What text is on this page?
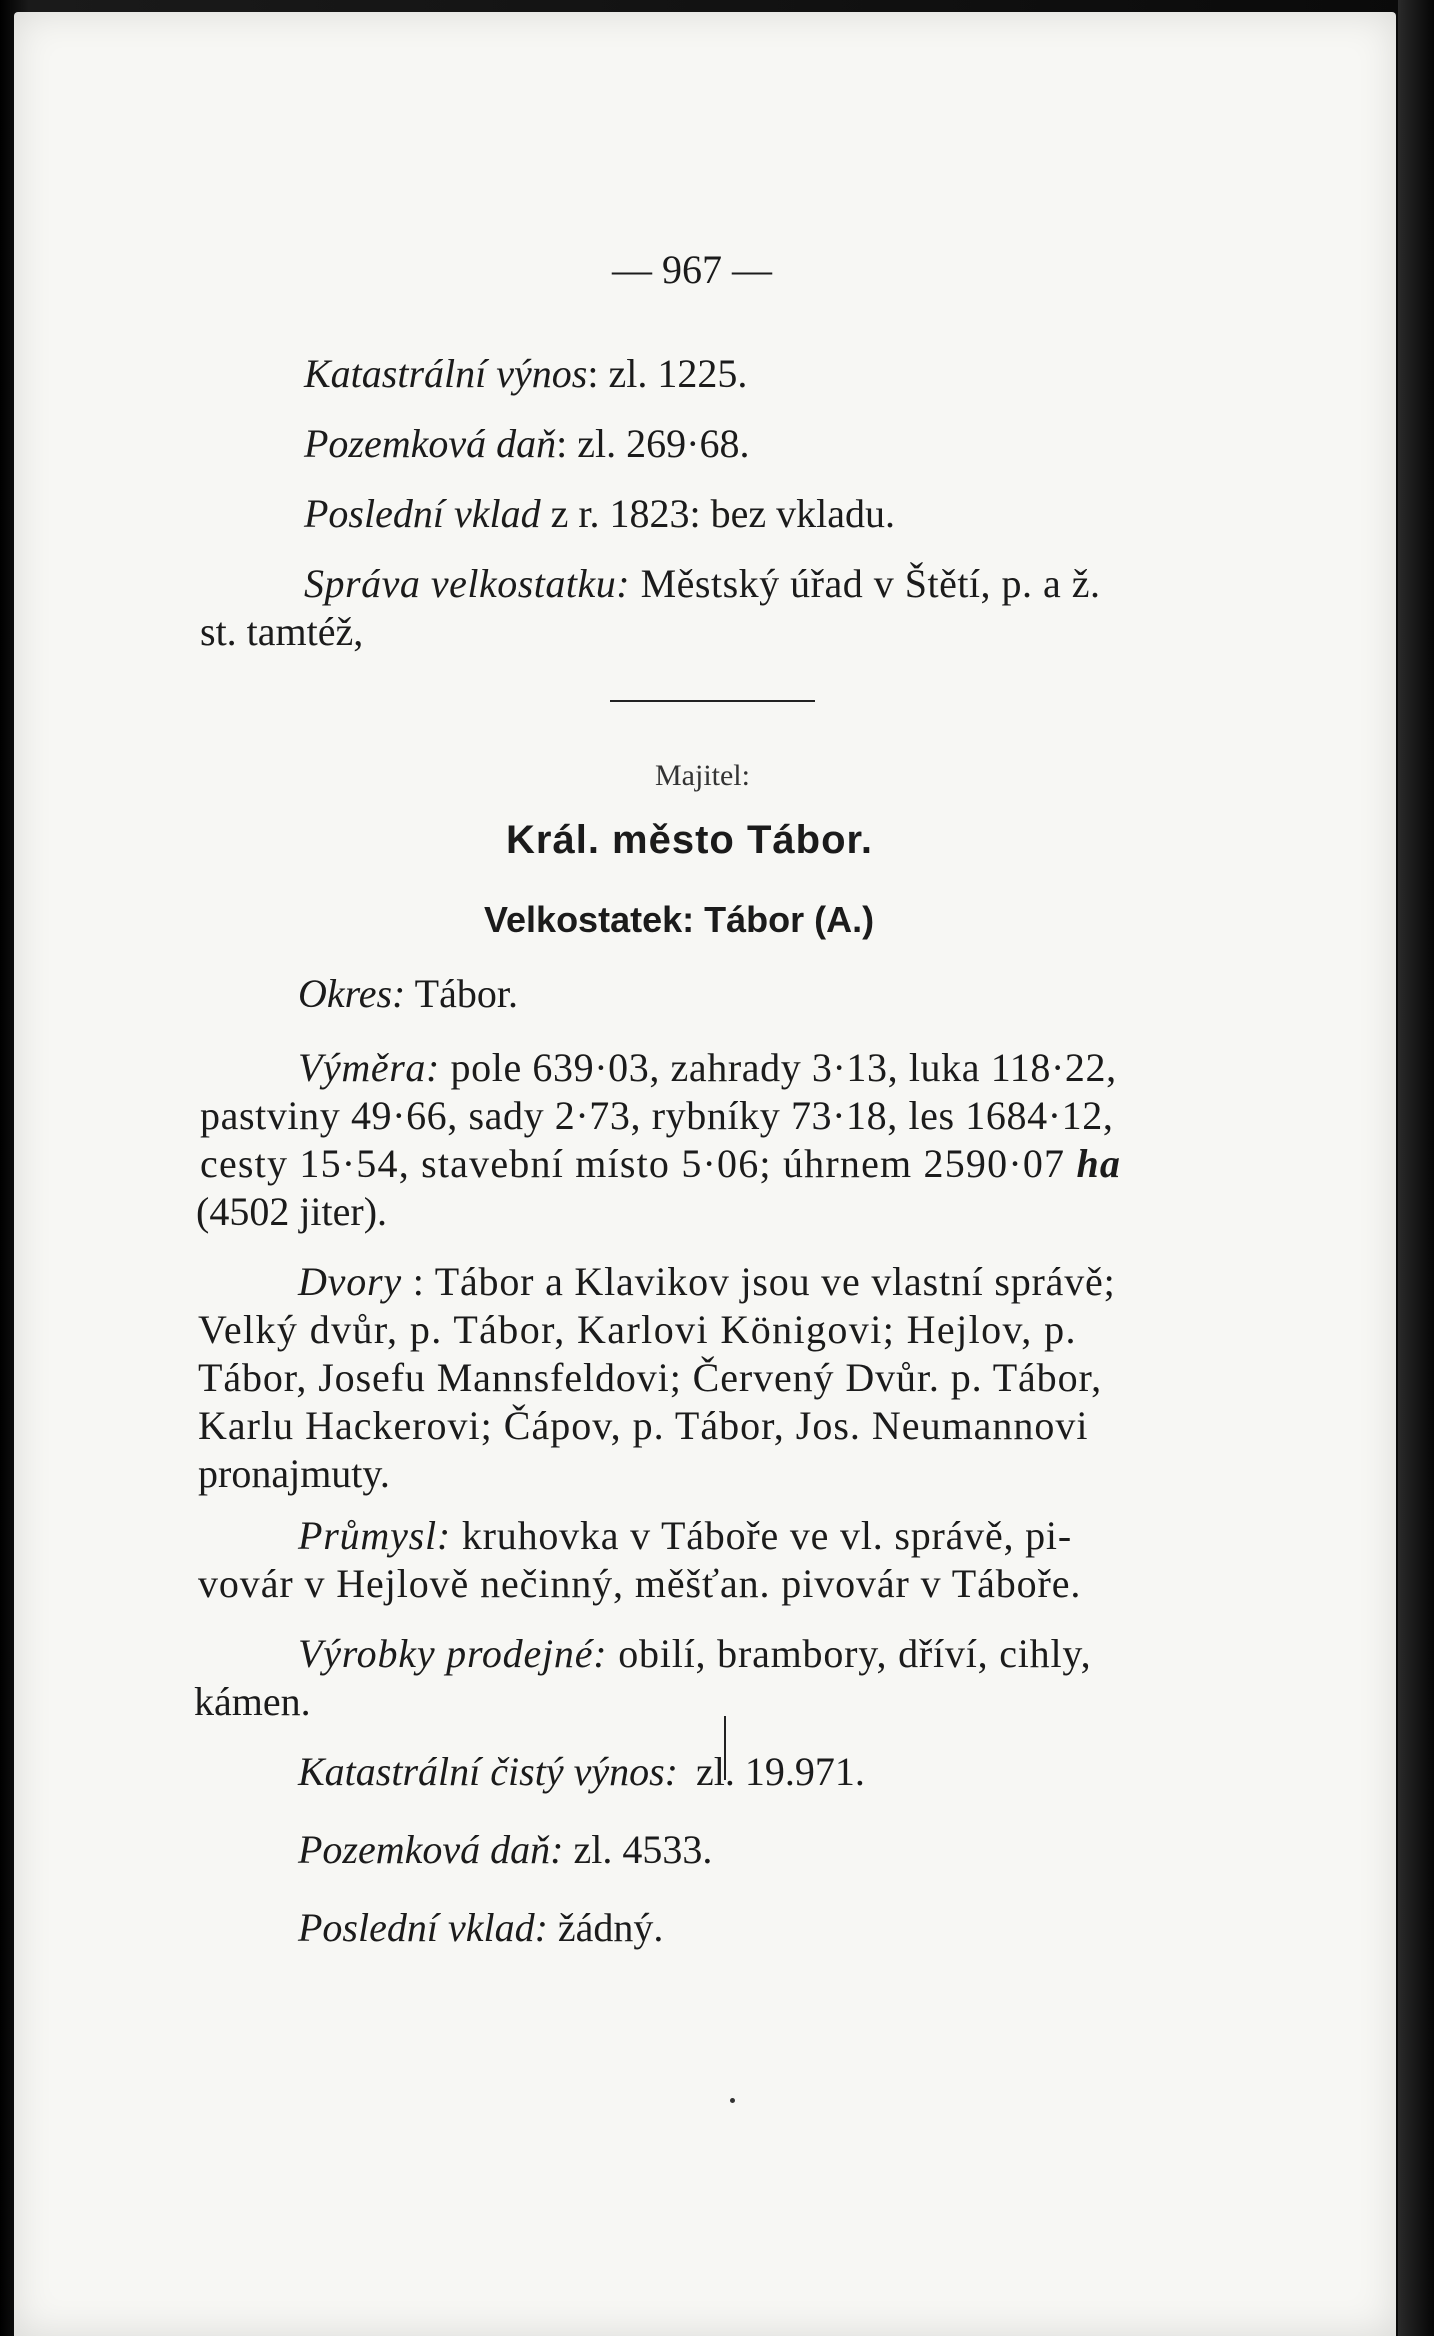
— 967 —
Katastrální výnos: zl. 1225.
Pozemková daň: zl. 269·68.
Poslední vklad z r. 1823: bez vkladu.
Správa velkostatku: Městský úřad v Štětí, p. a ž.
st. tamtéž,
Majitel:
Král. město Tábor.
Velkostatek: Tábor (A.)
Okres: Tábor.
Výměra: pole 639·03, zahrady 3·13, luka 118·22,
pastviny 49·66, sady 2·73, rybníky 73·18, les 1684·12,
cesty 15·54, stavební místo 5·06; úhrnem 2590·07 ha
(4502 jiter).
Dvory : Tábor a Klavikov jsou ve vlastní správě;
Velký dvůr, p. Tábor, Karlovi Königovi; Hejlov, p.
Tábor, Josefu Mannsfeldovi; Červený Dvůr. p. Tábor,
Karlu Hackerovi; Čápov, p. Tábor, Jos. Neumannovi
pronajmuty.
Průmysl: kruhovka v Táboře ve vl. správě, pi-
vovár v Hejlově nečinný, měšťan. pivovár v Táboře.
Výrobky prodejné: obilí, brambory, dříví, cihly,
kámen.
Katastrální čistý výnos: zl. 19.971.
Pozemková daň: zl. 4533.
Poslední vklad: žádný.
